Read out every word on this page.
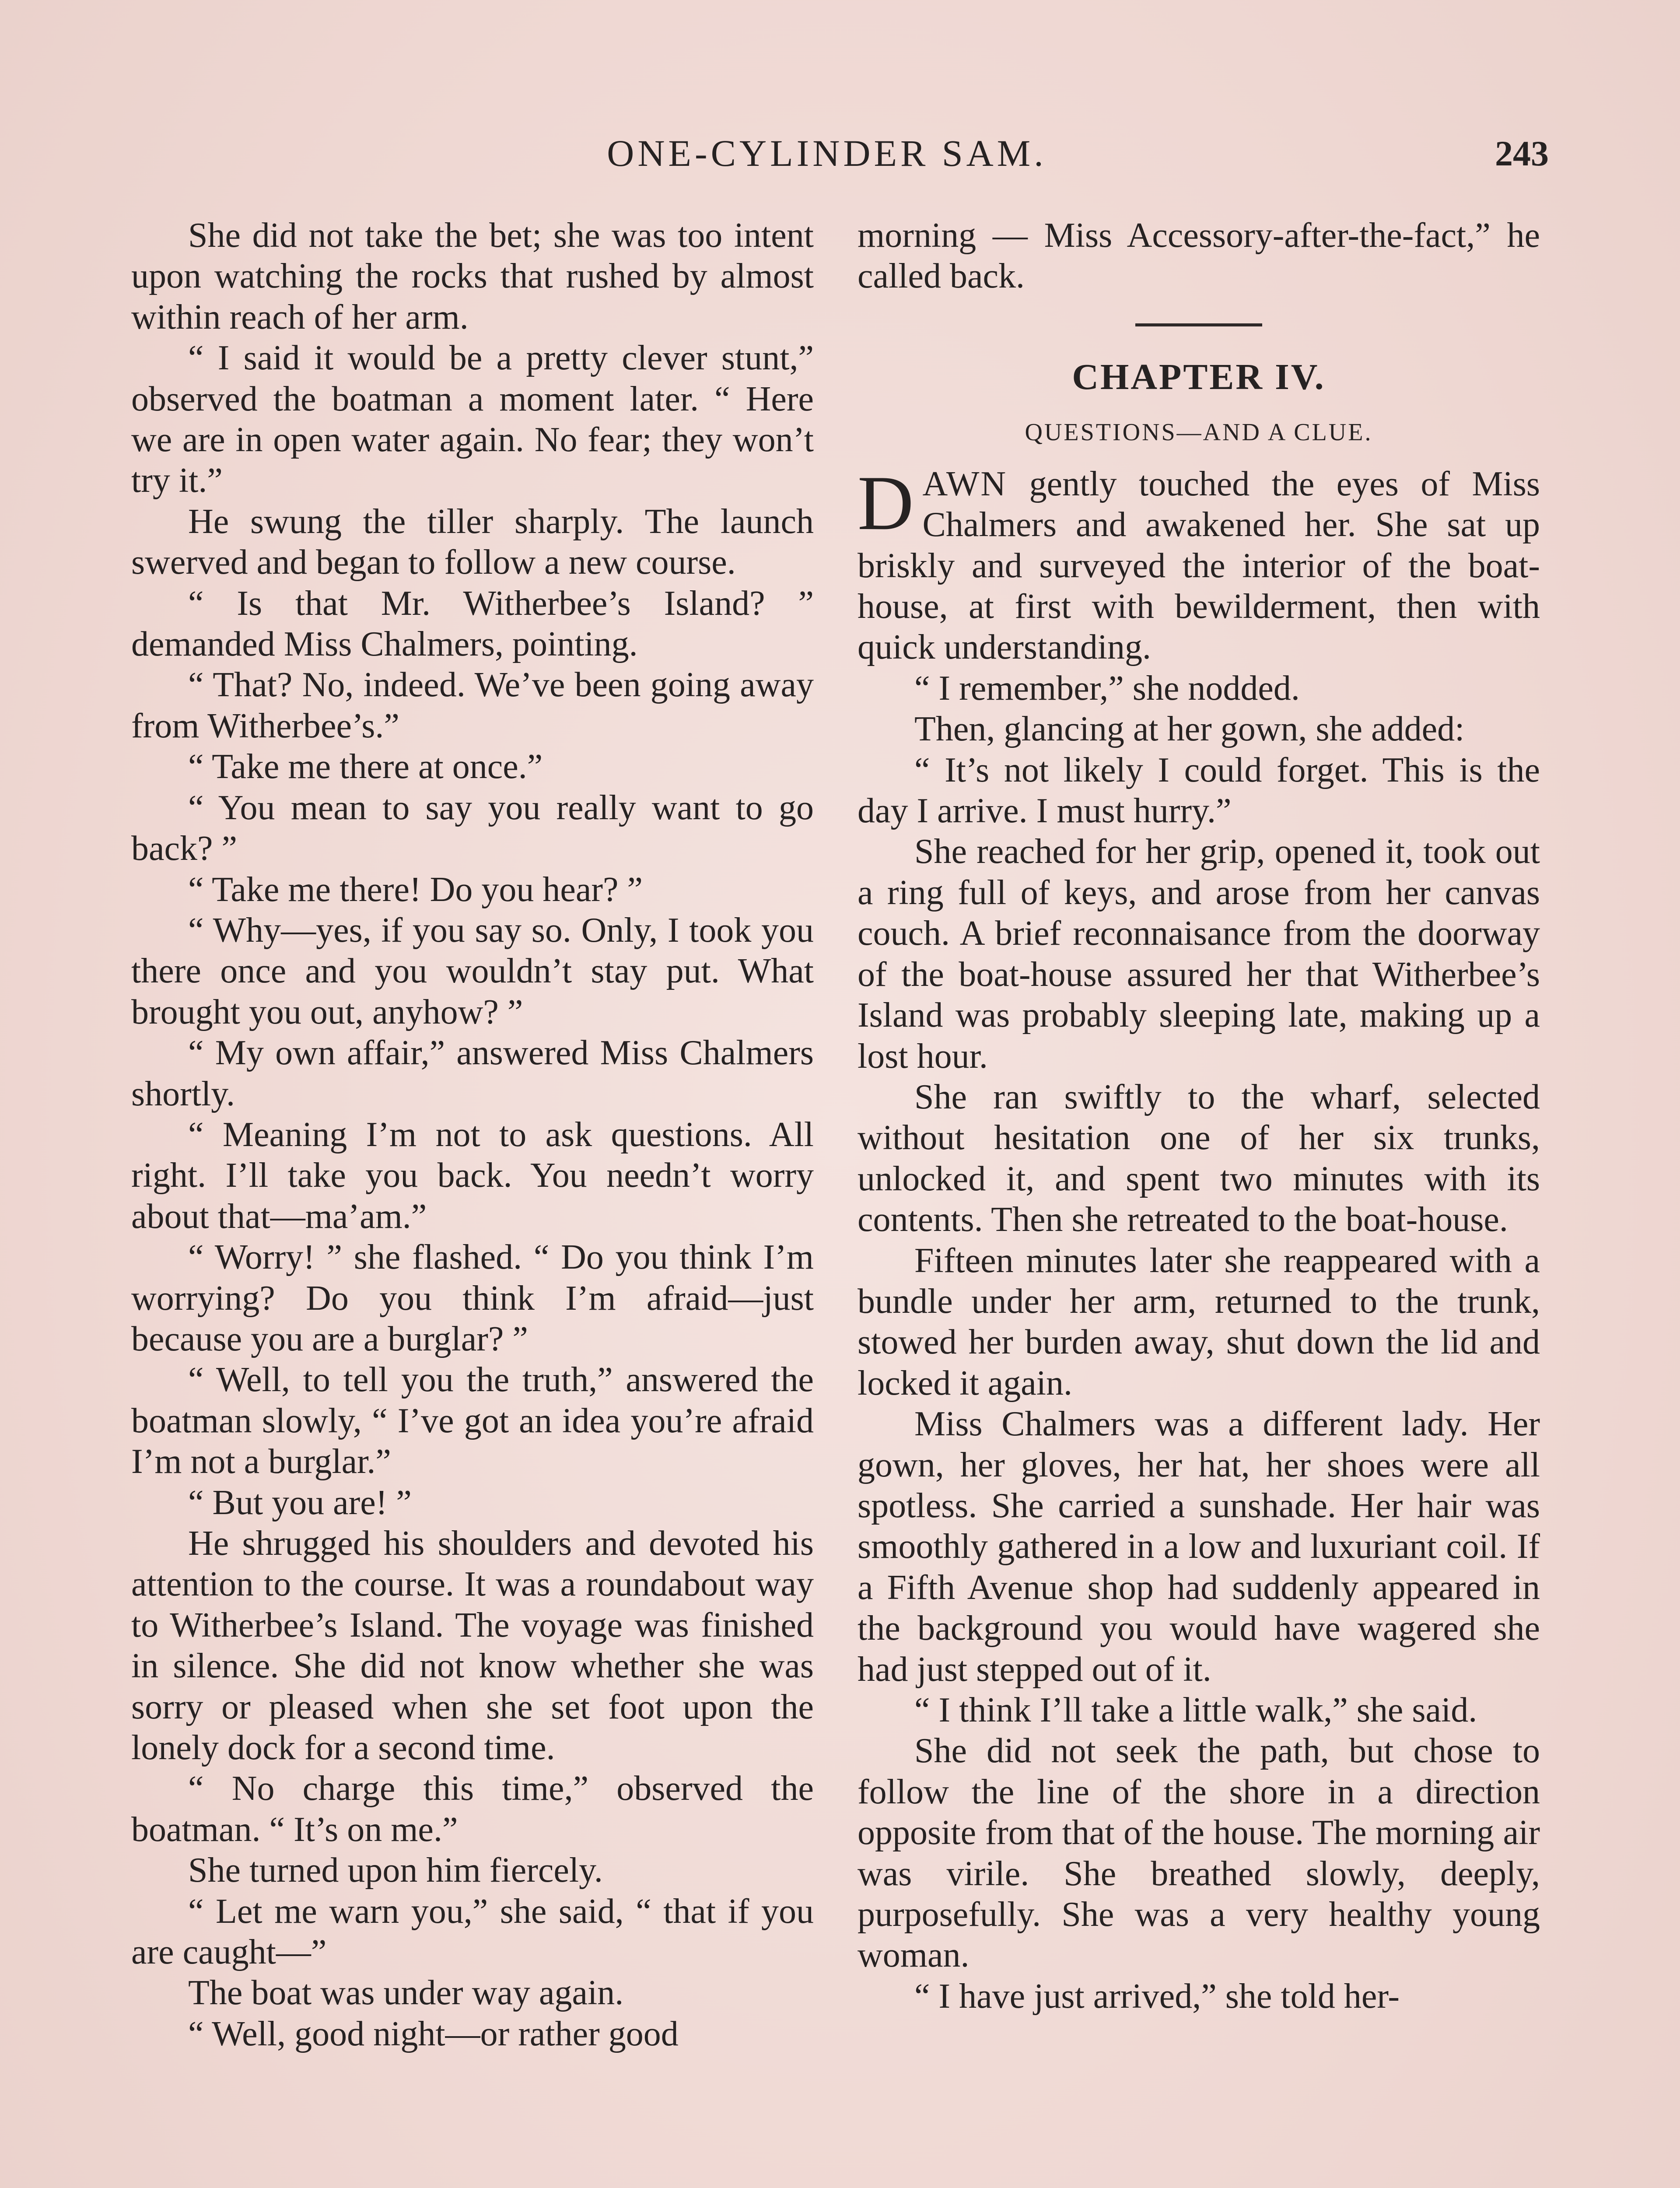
ONE-CYLINDER SAM.	243

She did not take the bet; she was too intent upon watching the rocks that rushed by almost within reach of her arm.

“ I said it would be a pretty clever stunt,” observed the boatman a moment later. “ Here we are in open water again. No fear; they won’t try it.”

He swung the tiller sharply. The launch swerved and began to follow a new course.

“ Is that Mr. Witherbee’s Island? ” demanded Miss Chalmers, pointing.

“ That? No, indeed. We’ve been going away from Witherbee’s.”

“ Take me there at once.”

“ You mean to say you really want to go back? ”

“ Take me there! Do you hear? ”

“ Why—yes, if you say so. Only, I took you there once and you wouldn’t stay put. What brought you out, anyhow? ”

“ My own affair,” answered Miss Chalmers shortly.

“ Meaning I’m not to ask questions. All right. I’ll take you back. You needn’t worry about that—ma’am.”

“ Worry! ” she flashed. “ Do you think I’m worrying? Do you think I’m afraid—just because you are a burglar? ”

“ Well, to tell you the truth,” answered the boatman slowly, “ I’ve got an idea you’re afraid I’m not a burglar.”

“ But you are! ”

He shrugged his shoulders and devoted his attention to the course. It was a roundabout way to Witherbee’s Island. The voyage was finished in silence. She did not know whether she was sorry or pleased when she set foot upon the lonely dock for a second time.

“ No charge this time,” observed the boatman. “ It’s on me.”

She turned upon him fiercely.

“ Let me warn you,” she said, “ that if you are caught—”

The boat was under way again.

“ Well, good night—or rather good

morning — Miss Accessory-after-the-fact,” he called back.

CHAPTER IV.
QUESTIONS—AND A CLUE.

DAWN gently touched the eyes of Miss Chalmers and awakened her. She sat up briskly and surveyed the interior of the boat-house, at first with bewilderment, then with quick understanding.

“ I remember,” she nodded.

Then, glancing at her gown, she added:

“ It’s not likely I could forget. This is the day I arrive. I must hurry.”

She reached for her grip, opened it, took out a ring full of keys, and arose from her canvas couch. A brief reconnaisance from the doorway of the boat-house assured her that Witherbee’s Island was probably sleeping late, making up a lost hour.

She ran swiftly to the wharf, selected without hesitation one of her six trunks, unlocked it, and spent two minutes with its contents. Then she retreated to the boat-house.

Fifteen minutes later she reappeared with a bundle under her arm, returned to the trunk, stowed her burden away, shut down the lid and locked it again.

Miss Chalmers was a different lady. Her gown, her gloves, her hat, her shoes were all spotless. She carried a sunshade. Her hair was smoothly gathered in a low and luxuriant coil. If a Fifth Avenue shop had suddenly appeared in the background you would have wagered she had just stepped out of it.

“ I think I’ll take a little walk,” she said.

She did not seek the path, but chose to follow the line of the shore in a direction opposite from that of the house. The morning air was virile. She breathed slowly, deeply, purposefully. She was a very healthy young woman.

“ I have just arrived,” she told her-
